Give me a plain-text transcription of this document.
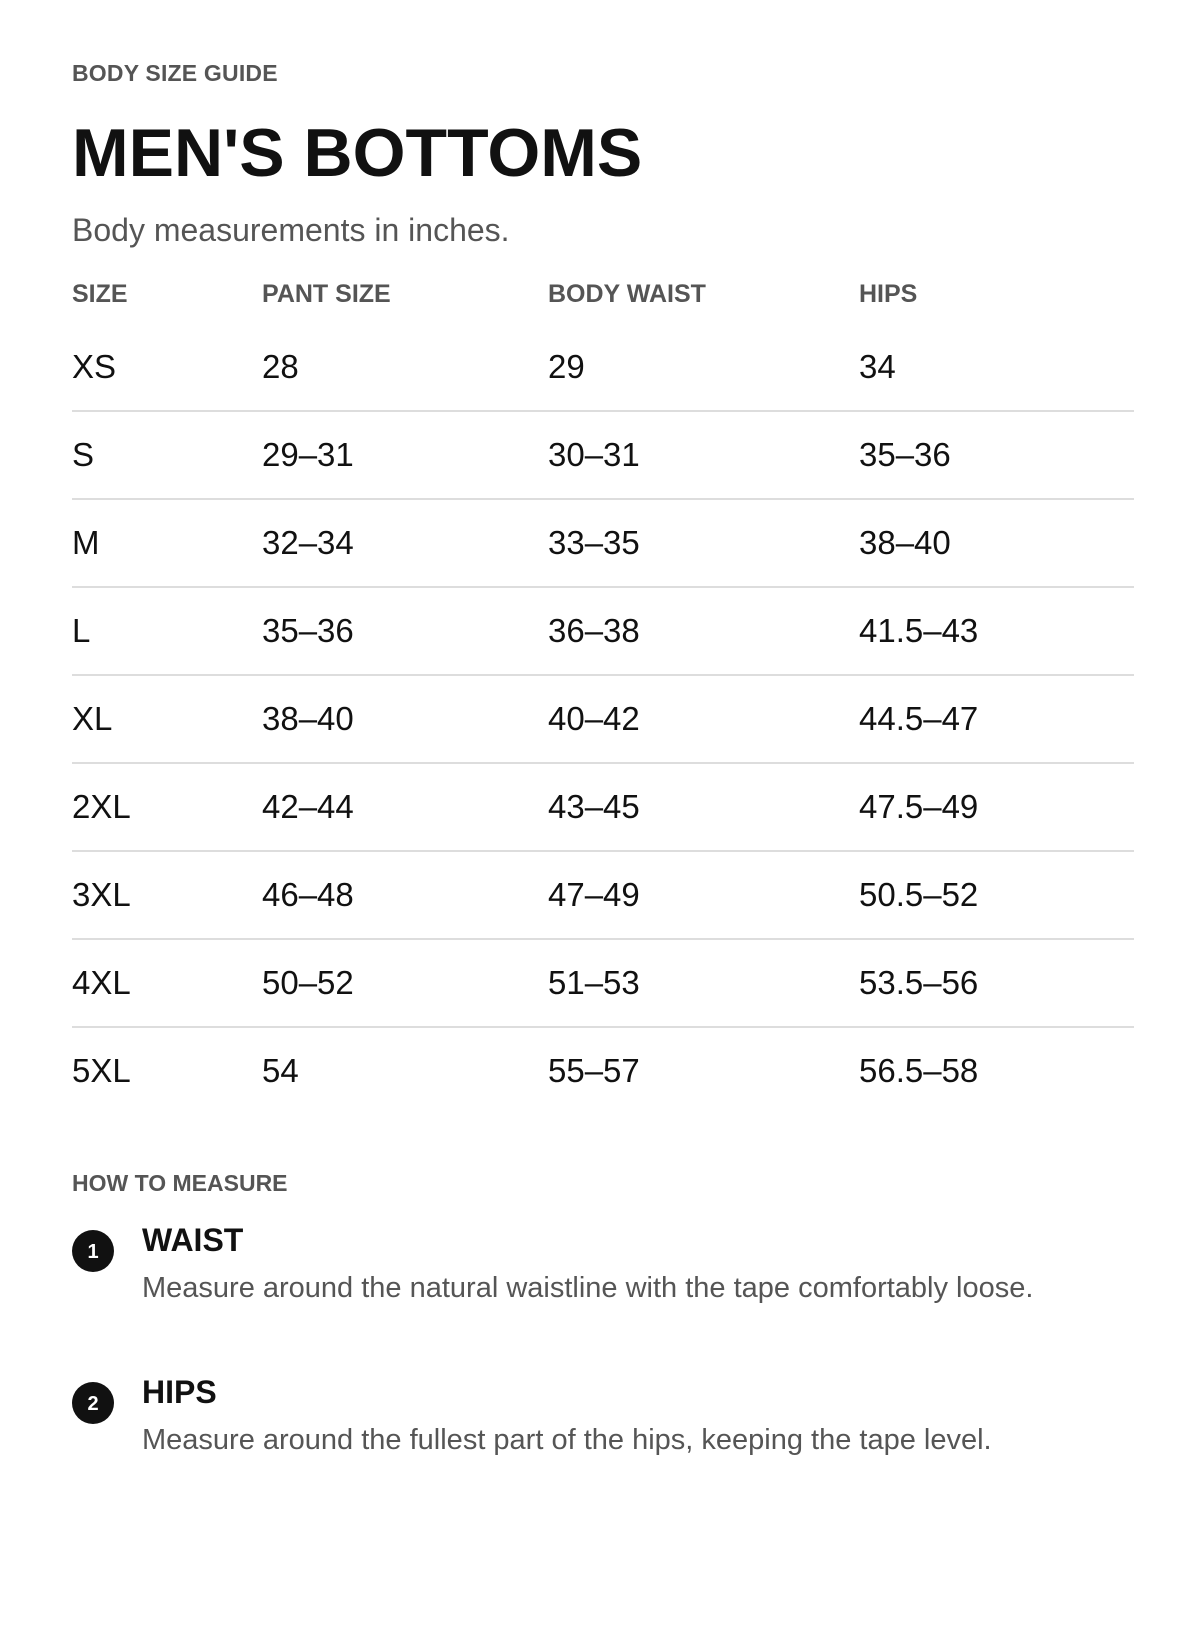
BODY SIZE GUIDE
MEN'S BOTTOMS
Body measurements in inches.
SIZE	PANT SIZE	BODY WAIST	HIPS
XS	28	29	34
S	29–31	30–31	35–36
M	32–34	33–35	38–40
L	35–36	36–38	41.5–43
XL	38–40	40–42	44.5–47
2XL	42–44	43–45	47.5–49
3XL	46–48	47–49	50.5–52
4XL	50–52	51–53	53.5–56
5XL	54	55–57	56.5–58
HOW TO MEASURE
1	WAIST
Measure around the natural waistline with the tape comfortably loose.
2	HIPS
Measure around the fullest part of the hips, keeping the tape level.
